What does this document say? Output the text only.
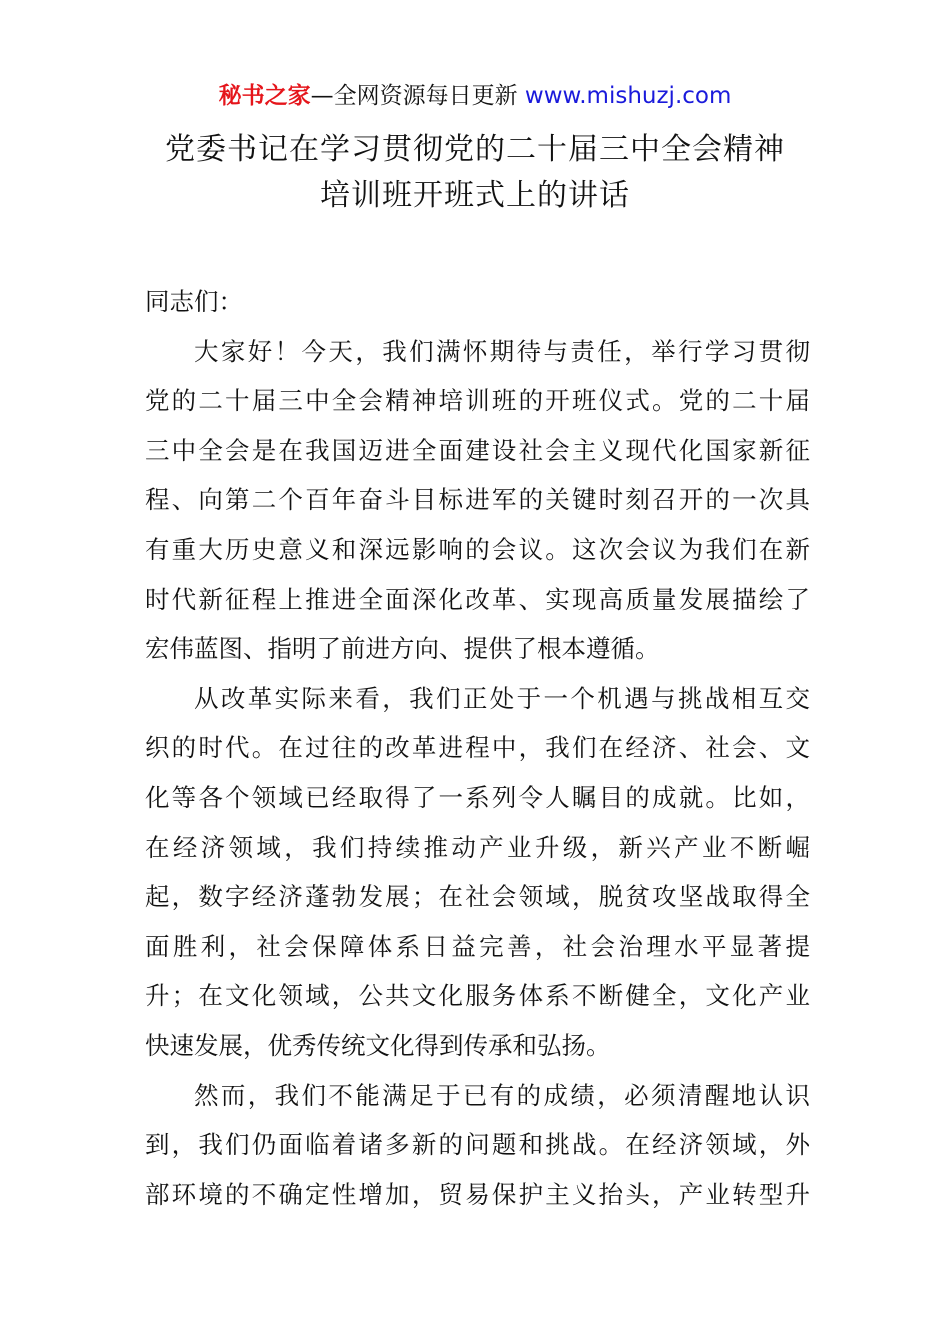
秘书之家—全网资源每日更新 www.mishuzj.com
党委书记在学习贯彻党的二十届三中全会精神
培训班开班式上的讲话

同志们：

大家好！今天，我们满怀期待与责任，举行学习贯彻
党的二十届三中全会精神培训班的开班仪式。党的二十届
三中全会是在我国迈进全面建设社会主义现代化国家新征
程、向第二个百年奋斗目标进军的关键时刻召开的一次具
有重大历史意义和深远影响的会议。这次会议为我们在新
时代新征程上推进全面深化改革、实现高质量发展描绘了
宏伟蓝图、指明了前进方向、提供了根本遵循。
从改革实际来看，我们正处于一个机遇与挑战相互交
织的时代。在过往的改革进程中，我们在经济、社会、文
化等各个领域已经取得了一系列令人瞩目的成就。比如，
在经济领域，我们持续推动产业升级，新兴产业不断崛
起，数字经济蓬勃发展；在社会领域，脱贫攻坚战取得全
面胜利，社会保障体系日益完善，社会治理水平显著提
升；在文化领域，公共文化服务体系不断健全，文化产业
快速发展，优秀传统文化得到传承和弘扬。
然而，我们不能满足于已有的成绩，必须清醒地认识
到，我们仍面临着诸多新的问题和挑战。在经济领域，外
部环境的不确定性增加，贸易保护主义抬头，产业转型升
